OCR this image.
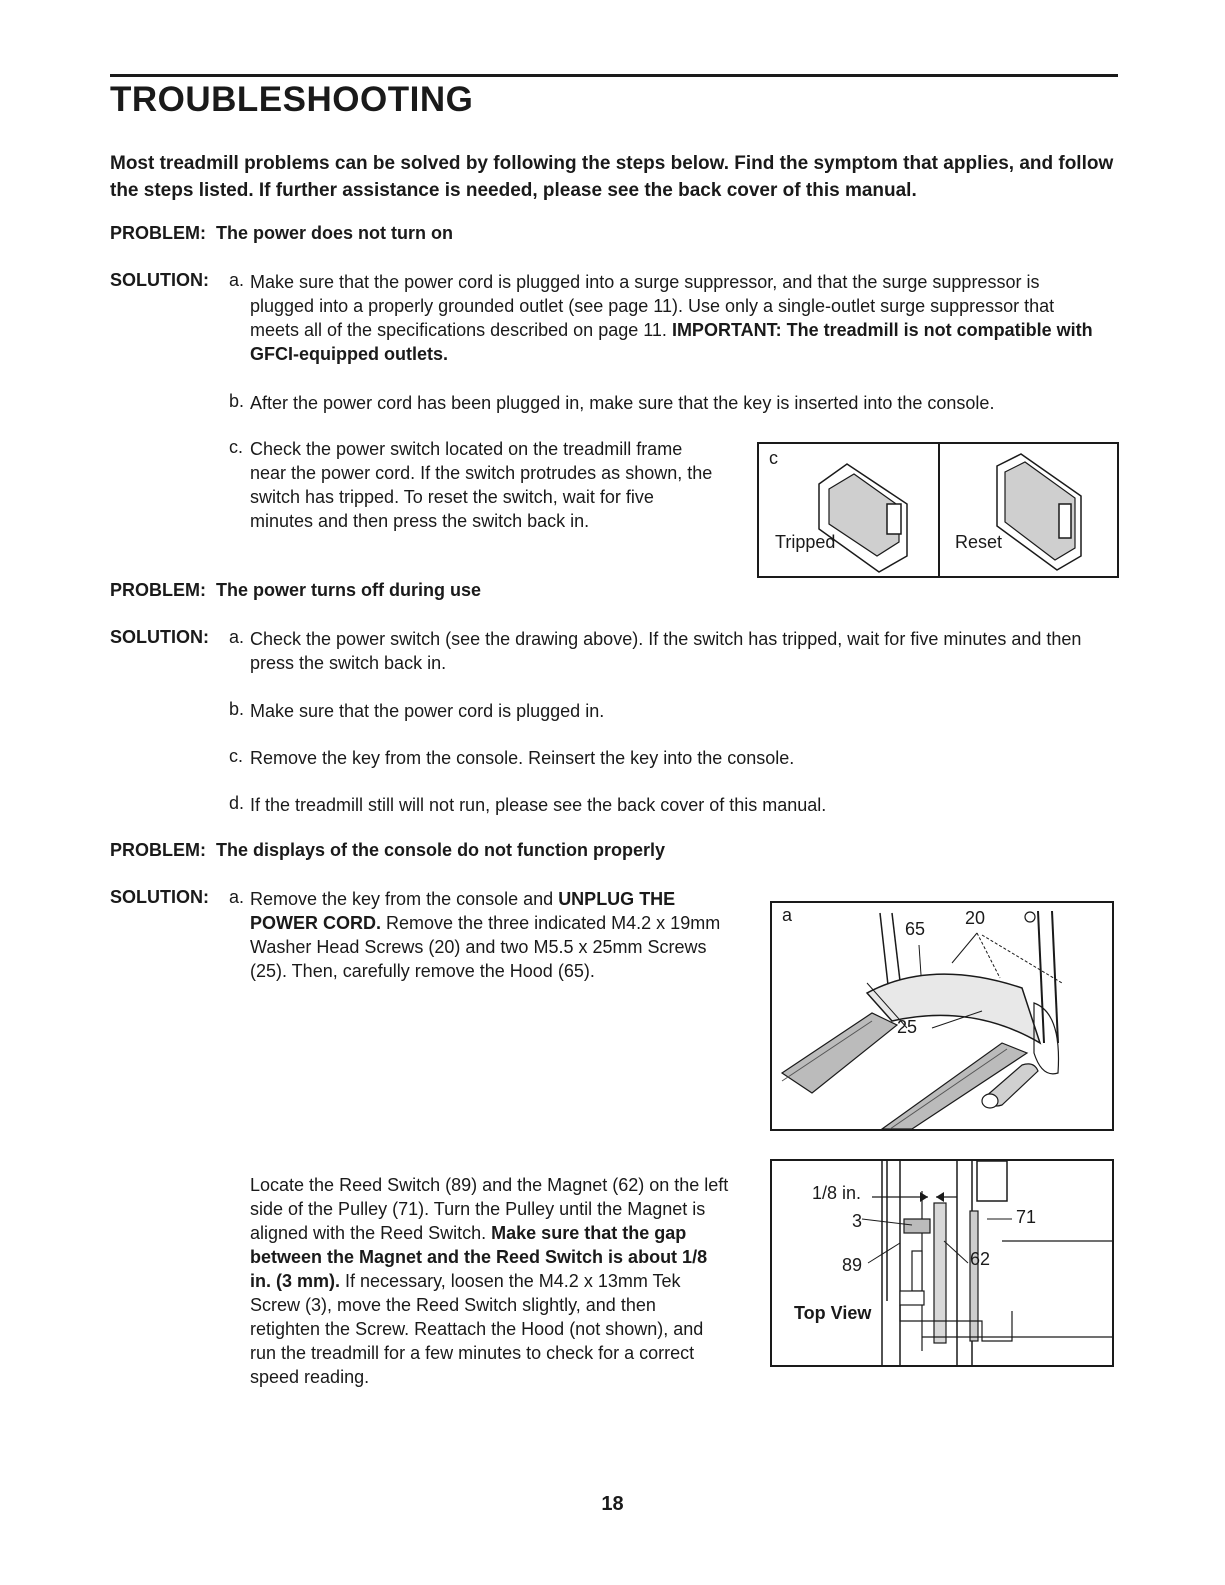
TROUBLESHOOTING

Most treadmill problems can be solved by following the steps below. Find the symptom that applies, and follow the steps listed. If further assistance is needed, please see the back cover of this manual.

PROBLEM: The power does not turn on
SOLUTION: a. Make sure that the power cord is plugged into a surge suppressor, and that the surge suppressor is plugged into a properly grounded outlet (see page 11). Use only a single-outlet surge suppressor that meets all of the specifications described on page 11. IMPORTANT: The treadmill is not compatible with GFCI-equipped outlets.
b. After the power cord has been plugged in, make sure that the key is inserted into the console.
c. Check the power switch located on the treadmill frame near the power cord. If the switch protrudes as shown, the switch has tripped. To reset the switch, wait for five minutes and then press the switch back in.
c
Tripped	Reset
PROBLEM: The power turns off during use
SOLUTION: a. Check the power switch (see the drawing above). If the switch has tripped, wait for five minutes and then press the switch back in.
b. Make sure that the power cord is plugged in.
c. Remove the key from the console. Reinsert the key into the console.
d. If the treadmill still will not run, please see the back cover of this manual.
PROBLEM: The displays of the console do not function properly
SOLUTION: a. Remove the key from the console and UNPLUG THE POWER CORD. Remove the three indicated M4.2 x 19mm Washer Head Screws (20) and two M5.5 x 25mm Screws (25). Then, carefully remove the Hood (65).
a
65
20
25
Locate the Reed Switch (89) and the Magnet (62) on the left side of the Pulley (71). Turn the Pulley until the Magnet is aligned with the Reed Switch. Make sure that the gap between the Magnet and the Reed Switch is about 1/8 in. (3 mm). If necessary, loosen the M4.2 x 13mm Tek Screw (3), move the Reed Switch slightly, and then retighten the Screw. Reattach the Hood (not shown), and run the treadmill for a few minutes to check for a correct speed reading.
1/8 in.
3	71
89	62
Top View
18
